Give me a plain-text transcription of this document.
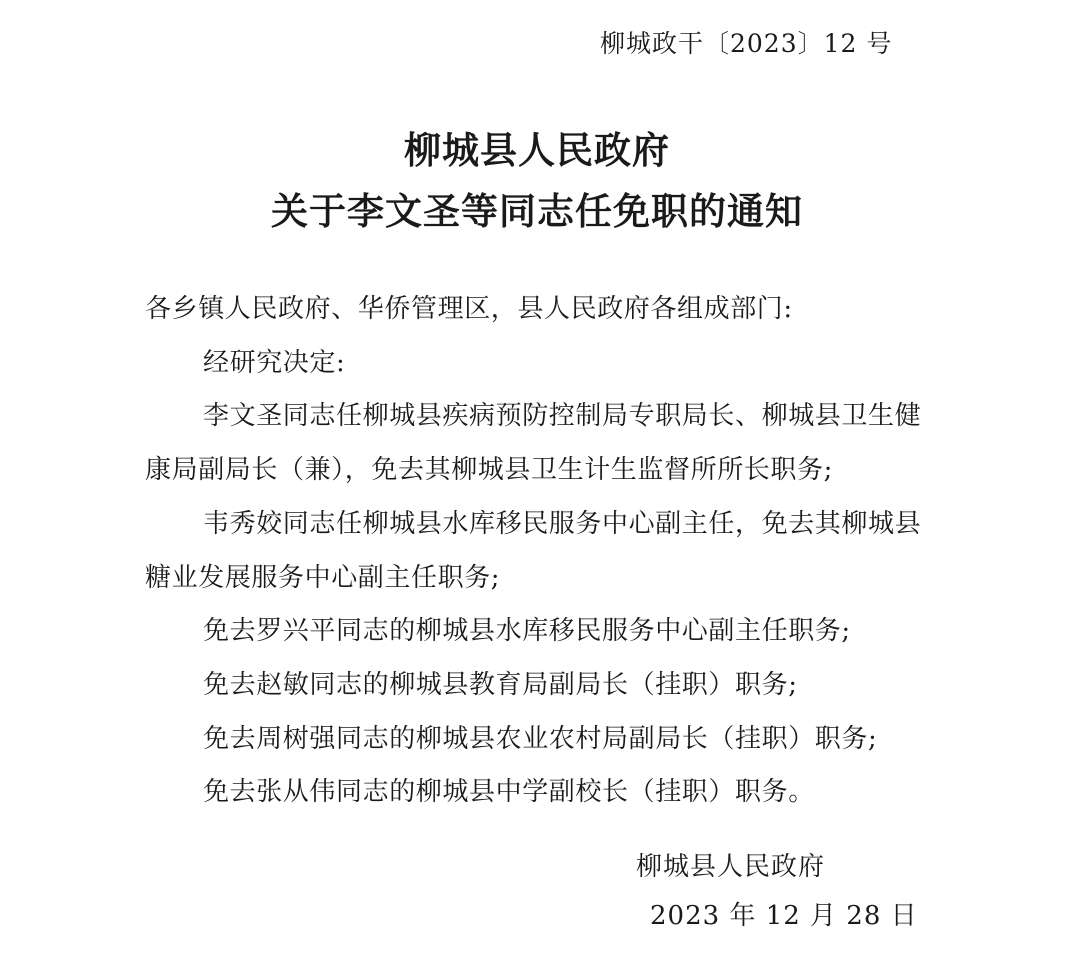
柳城政干〔2023〕12 号
柳城县人民政府
关于李文圣等同志任免职的通知

各乡镇人民政府、华侨管理区，县人民政府各组成部门:

经研究决定:

李文圣同志任柳城县疾病预防控制局专职局长、柳城县卫生健康局副局长（兼），免去其柳城县卫生计生监督所所长职务;

韦秀姣同志任柳城县水库移民服务中心副主任，免去其柳城县糖业发展服务中心副主任职务;

免去罗兴平同志的柳城县水库移民服务中心副主任职务;

免去赵敏同志的柳城县教育局副局长（挂职）职务;

免去周树强同志的柳城县农业农村局副局长（挂职）职务;

免去张从伟同志的柳城县中学副校长（挂职）职务。

柳城县人民政府
2023 年 12 月 28 日
